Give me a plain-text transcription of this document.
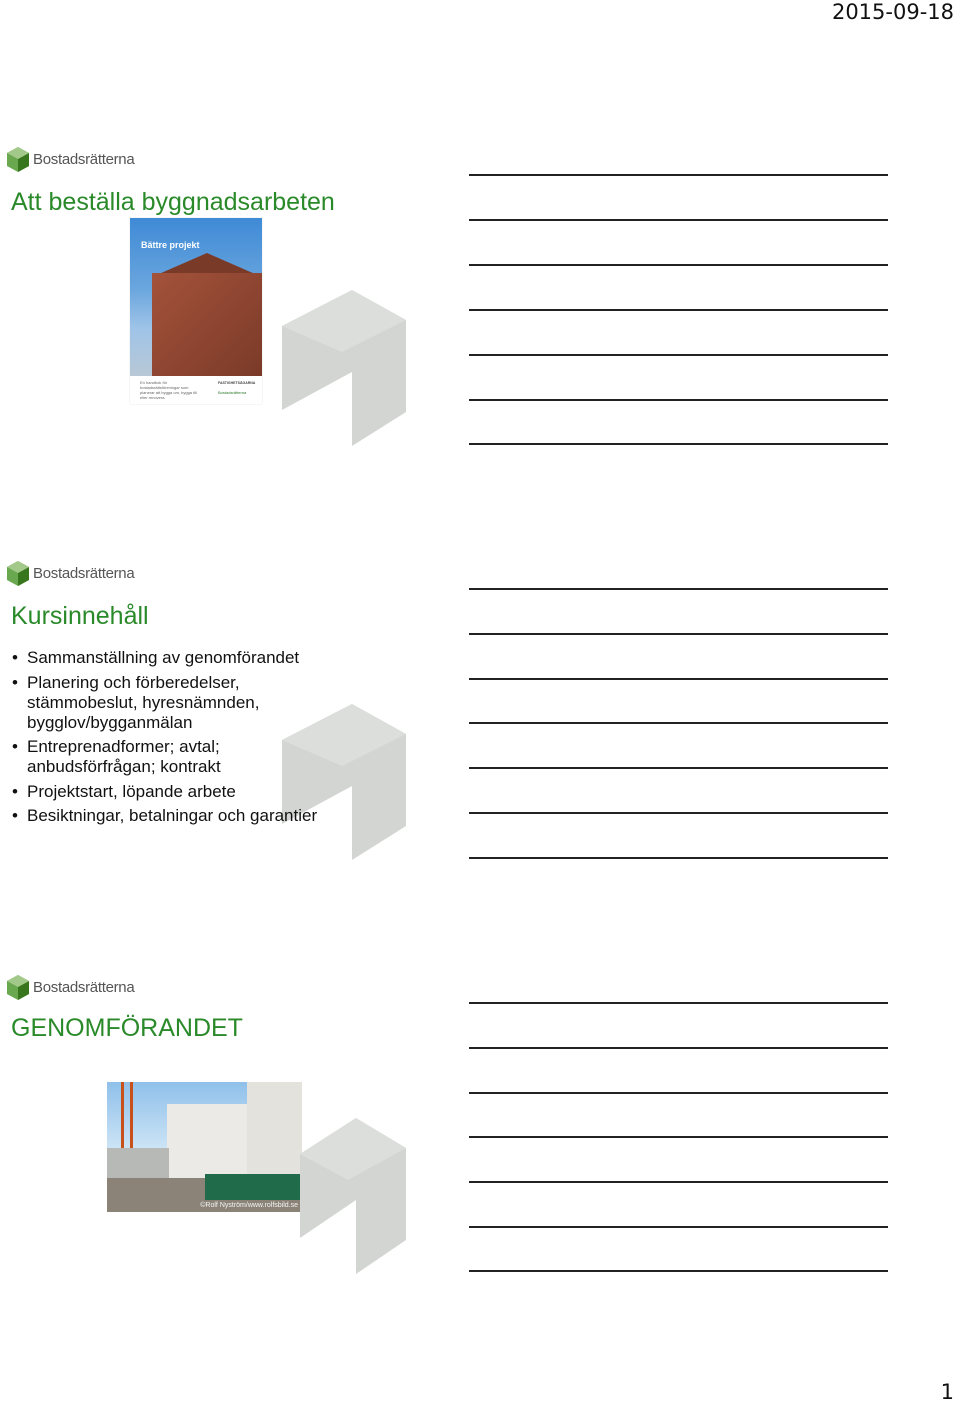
2015-09-18
Bostadsrätterna
Att beställa byggnadsarbeten
Bättre projekt
En handbok för bostadsrättsföreningar som planerar att bygga om, bygga till eller renovera
FASTIGHETSÄGARNA
Bostadsrätterna
Bostadsrätterna
Kursinnehåll
• Sammanställning av genomförandet
• Planering och förberedelser, stämmobeslut, hyresnämnden, bygglov/bygganmälan
• Entreprenadformer; avtal; anbudsförfrågan; kontrakt
• Projektstart, löpande arbete
• Besiktningar, betalningar och garantier
Bostadsrätterna
GENOMFÖRANDET
©Rolf Nyström/www.rolfsbild.se
1
